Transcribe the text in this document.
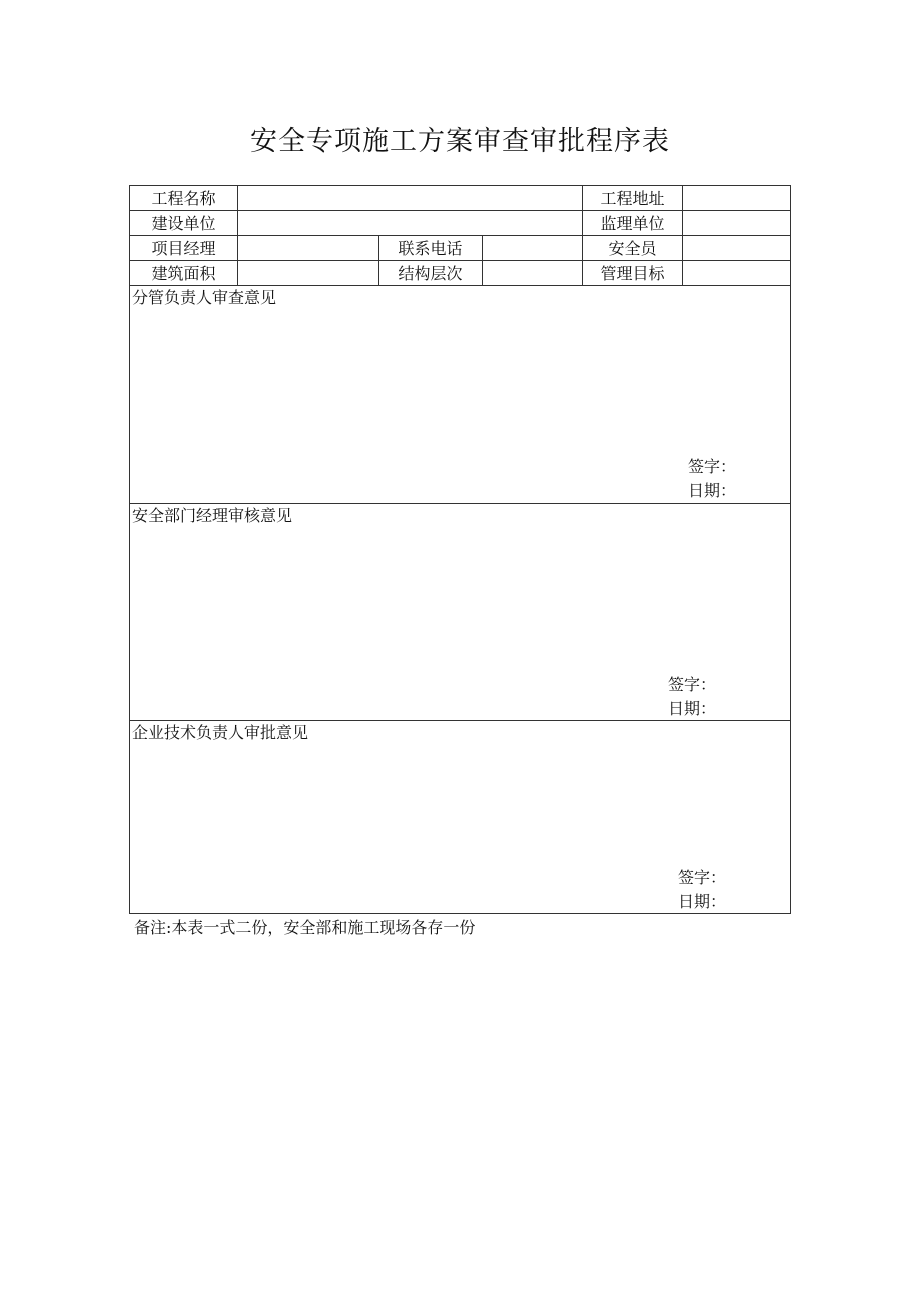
安全专项施工方案审查审批程序表
工程名称				工程地址	
建设单位				监理单位	
项目经理		联系电话		安全员	
建筑面积		结构层次		管理目标	

分管负责人审查意见
签字：
日期：					

安全部门经理审核意见
签字：
日期：					

企业技术负责人审批意见
签字：
日期：					
备注:本表一式二份，安全部和施工现场各存一份
